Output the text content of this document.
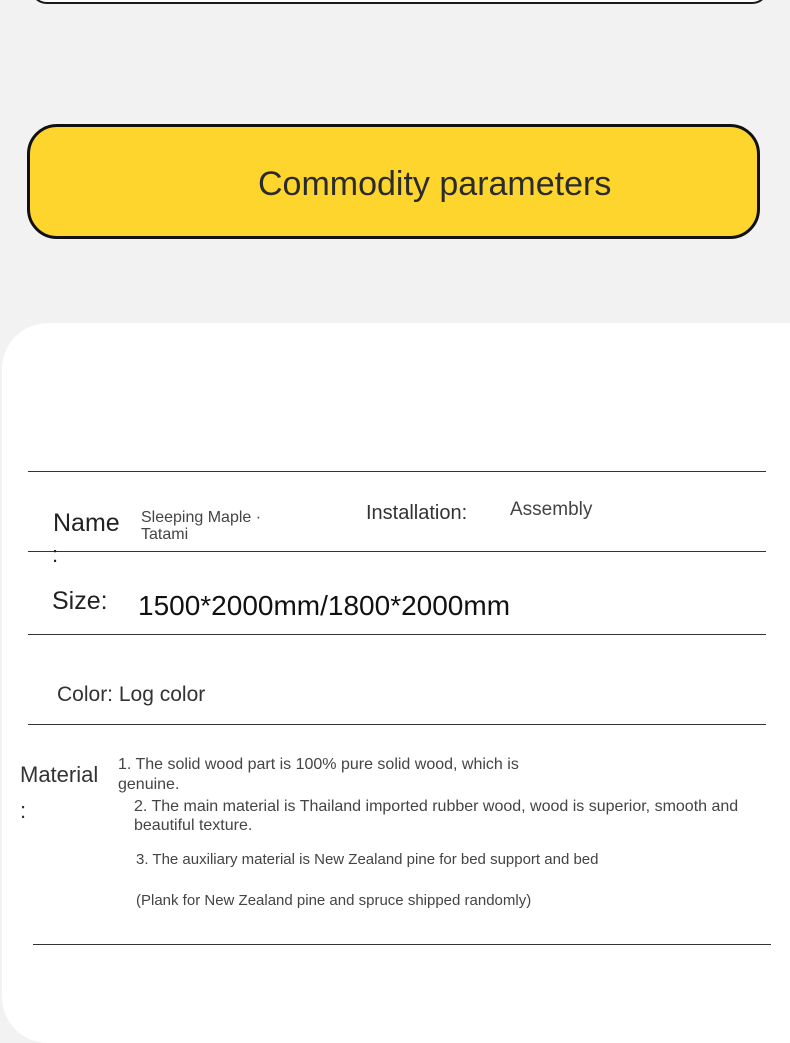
Commodity parameters
Name
:
Sleeping Maple ·
Tatami
Installation: Assembly
Size: 1500*2000mm/1800*2000mm
Color: Log color
Material
:
1. The solid wood part is 100% pure solid wood, which is
genuine.
2. The main material is Thailand imported rubber wood, wood is superior, smooth and
beautiful texture.
3. The auxiliary material is New Zealand pine for bed support and bed
(Plank for New Zealand pine and spruce shipped randomly)
